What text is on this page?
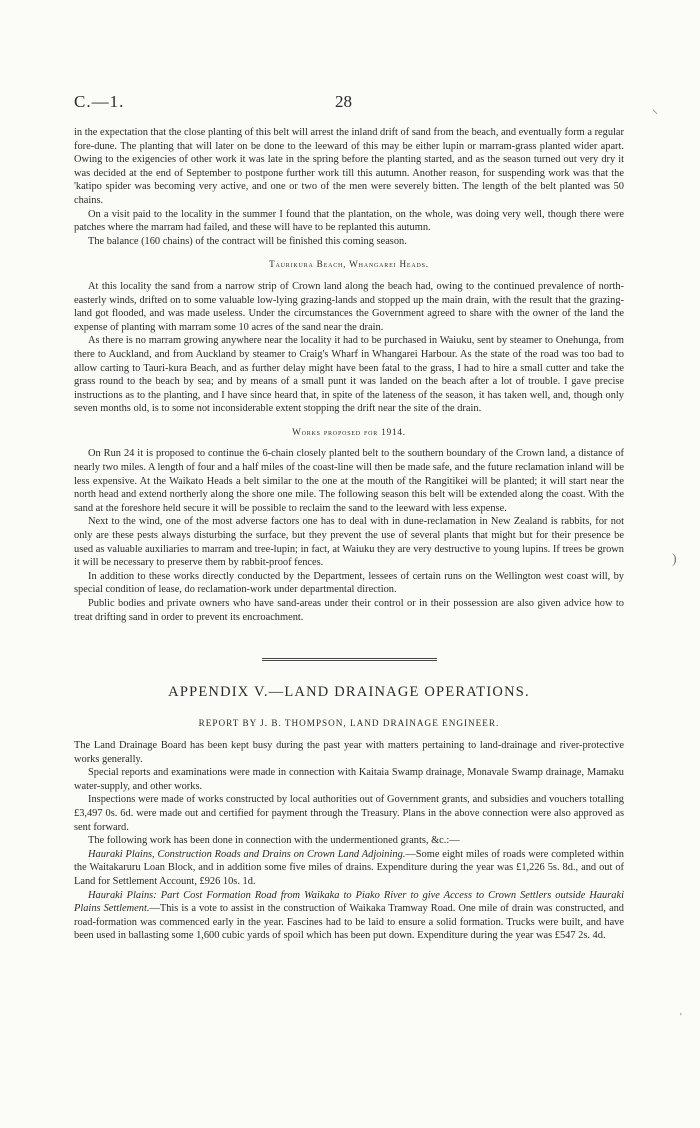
C.—1.	28	⸜
)
'

in the expectation that the close planting of this belt will arrest the inland drift of sand from the beach, and eventually form a regular fore-dune. The planting that will later on be done to the leeward of this may be either lupin or marram-grass planted wider apart. Owing to the exigencies of other work it was late in the spring before the planting started, and as the season turned out very dry it was decided at the end of September to postpone further work till this autumn. Another reason, for suspending work was that the 'katipo spider was becoming very active, and one or two of the men were severely bitten. The length of the belt planted was 50 chains.

On a visit paid to the locality in the summer I found that the plantation, on the whole, was doing very well, though there were patches where the marram had failed, and these will have to be replanted this autumn.

The balance (160 chains) of the contract will be finished this coming season.

Taurikura Beach, Whangarei Heads.

At this locality the sand from a narrow strip of Crown land along the beach had, owing to the continued prevalence of north-easterly winds, drifted on to some valuable low-lying grazing-lands and stopped up the main drain, with the result that the grazing-land got flooded, and was made useless. Under the circumstances the Government agreed to share with the owner of the land the expense of planting with marram some 10 acres of the sand near the drain.

As there is no marram growing anywhere near the locality it had to be purchased in Waiuku, sent by steamer to Onehunga, from there to Auckland, and from Auckland by steamer to Craig's Wharf in Whangarei Harbour. As the state of the road was too bad to allow carting to Tauri-kura Beach, and as further delay might have been fatal to the grass, I had to hire a small cutter and take the grass round to the beach by sea; and by means of a small punt it was landed on the beach after a lot of trouble. I gave precise instructions as to the planting, and I have since heard that, in spite of the lateness of the season, it has taken well, and, though only seven months old, is to some not inconsiderable extent stopping the drift near the site of the drain.

Works proposed for 1914.

On Run 24 it is proposed to continue the 6-chain closely planted belt to the southern boundary of the Crown land, a distance of nearly two miles. A length of four and a half miles of the coast-line will then be made safe, and the future reclamation inland will be less expensive. At the Waikato Heads a belt similar to the one at the mouth of the Rangitikei will be planted; it will start near the north head and extend northerly along the shore one mile. The following season this belt will be extended along the coast. With the sand at the foreshore held secure it will be possible to reclaim the sand to the leeward with less expense.

Next to the wind, one of the most adverse factors one has to deal with in dune-reclamation in New Zealand is rabbits, for not only are these pests always disturbing the surface, but they prevent the use of several plants that might but for their presence be used as valuable auxiliaries to marram and tree-lupin; in fact, at Waiuku they are very destructive to young lupins. If trees be grown it will be necessary to preserve them by rabbit-proof fences.

In addition to these works directly conducted by the Department, lessees of certain runs on the Wellington west coast will, by special condition of lease, do reclamation-work under departmental direction.

Public bodies and private owners who have sand-areas under their control or in their possession are also given advice how to treat drifting sand in order to prevent its encroachment.

APPENDIX V.—LAND DRAINAGE OPERATIONS.
REPORT BY J. B. THOMPSON, LAND DRAINAGE ENGINEER.

The Land Drainage Board has been kept busy during the past year with matters pertaining to land-drainage and river-protective works generally.

Special reports and examinations were made in connection with Kaitaia Swamp drainage, Monavale Swamp drainage, Mamaku water-supply, and other works.

Inspections were made of works constructed by local authorities out of Government grants, and subsidies and vouchers totalling £3,497 0s. 6d. were made out and certified for payment through the Treasury. Plans in the above connection were also approved as sent forward.

The following work has been done in connection with the undermentioned grants, &c.:—

Hauraki Plains, Construction Roads and Drains on Crown Land Adjoining.—Some eight miles of roads were completed within the Waitakaruru Loan Block, and in addition some five miles of drains. Expenditure during the year was £1,226 5s. 8d., and out of Land for Settlement Account, £926 10s. 1d.

Hauraki Plains: Part Cost Formation Road from Waikaka to Piako River to give Access to Crown Settlers outside Hauraki Plains Settlement.—This is a vote to assist in the construction of Waikaka Tramway Road. One mile of drain was constructed, and road-formation was commenced early in the year. Fascines had to be laid to ensure a solid formation. Trucks were built, and have been used in ballasting some 1,600 cubic yards of spoil which has been put down. Expenditure during the year was £547 2s. 4d.
